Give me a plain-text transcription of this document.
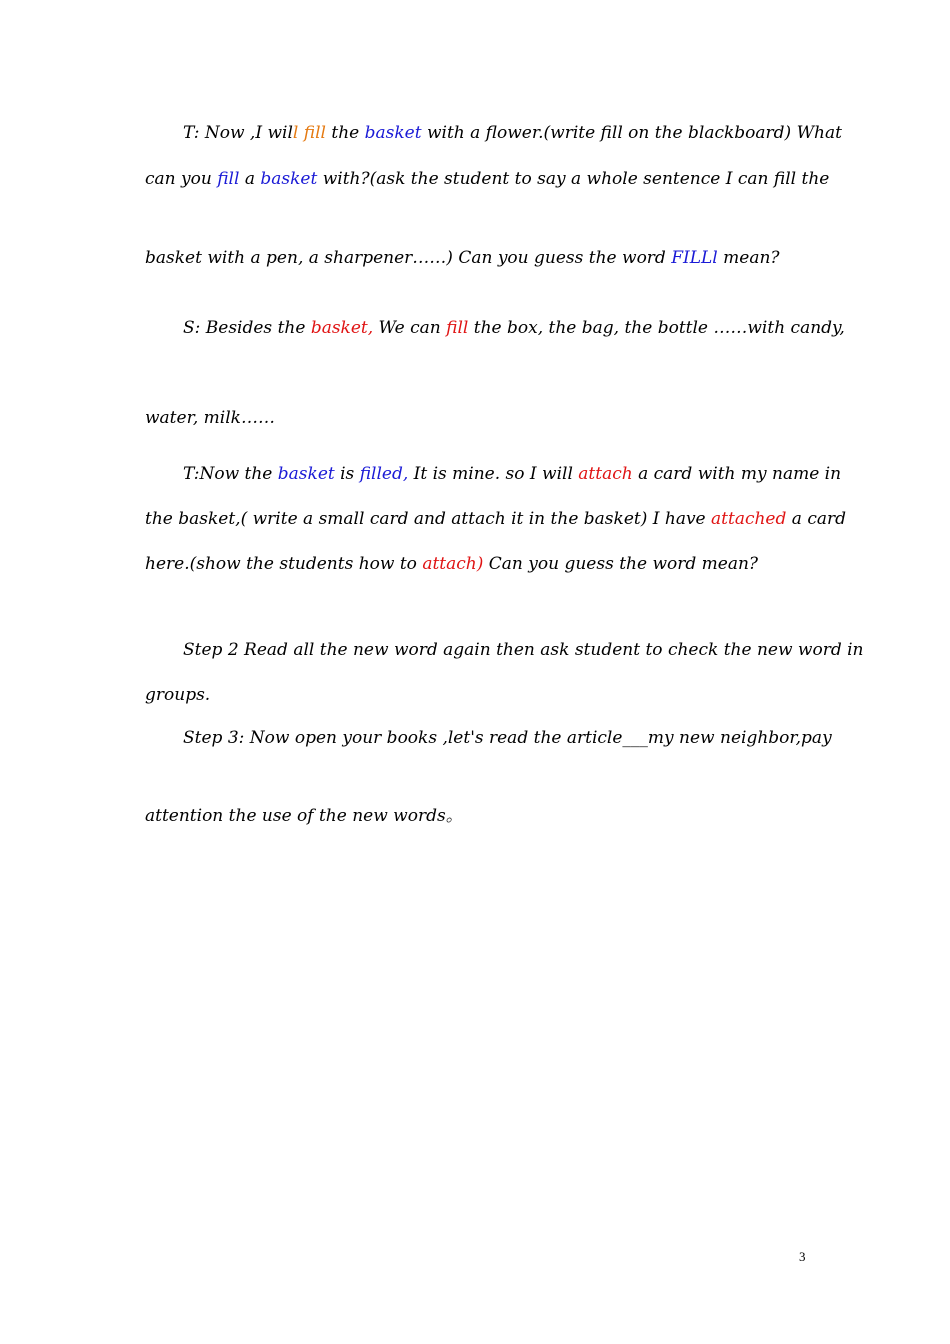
T: Now ,I will fill the basket with a flower.(write fill on the blackboard) What
can you fill a basket with?(ask the student to say a whole sentence I can fill the
basket with a pen, a sharpener……) Can you guess the word FILLl mean?
S: Besides the basket, We can fill the box, the bag, the bottle ……with candy,
water, milk……
T:Now the basket is filled, It is mine. so I will attach a card with my name in
the basket,( write a small card and attach it in the basket) I have attached a card
here.(show the students how to attach) Can you guess the word mean?
Step 2 Read all the new word again then ask student to check the new word in
groups.
Step 3: Now open your books ,let's read the article___my new neighbor,pay
attention the use of the new words。
3
